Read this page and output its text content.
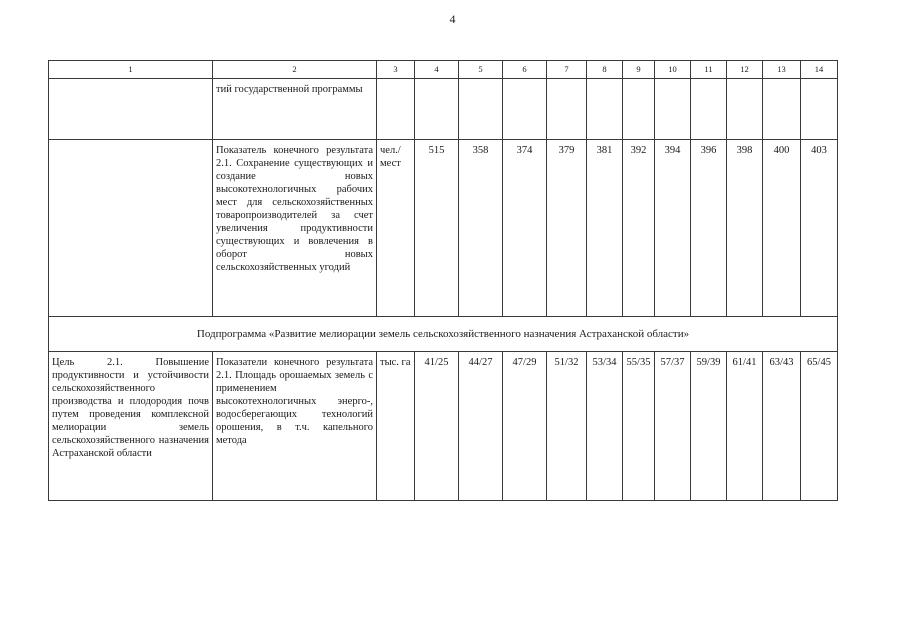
4
1	2	3	4	5	6	7	8	9	10	11	12	13	14
	тий государственной программы												
	Показатель конечного результата 2.1. Сохранение существующих и создание новых высокотехнологичных рабочих мест для сельскохозяйственных товаропроизводителей за счет увеличения продуктивности существующих и вовлечения в оборот новых сельскохозяйственных угодий	чел./ мест	515	358	374	379	381	392	394	396	398	400	403
Подпрограмма «Развитие мелиорации земель сельскохозяйственного назначения Астраханской области»													
Цель 2.1. Повышение продуктивности и устойчивости сельскохозяйственного производства и плодородия почв путем проведения комплексной мелиорации земель сельскохозяйственного назначения Астраханской области	Показатели конечного результата 2.1. Площадь орошаемых земель с применением высокотехнологичных энерго-, водосберегающих технологий орошения, в т.ч. капельного метода	тыс. га	41/25	44/27	47/29	51/32	53/34	55/35	57/37	59/39	61/41	63/43	65/45
